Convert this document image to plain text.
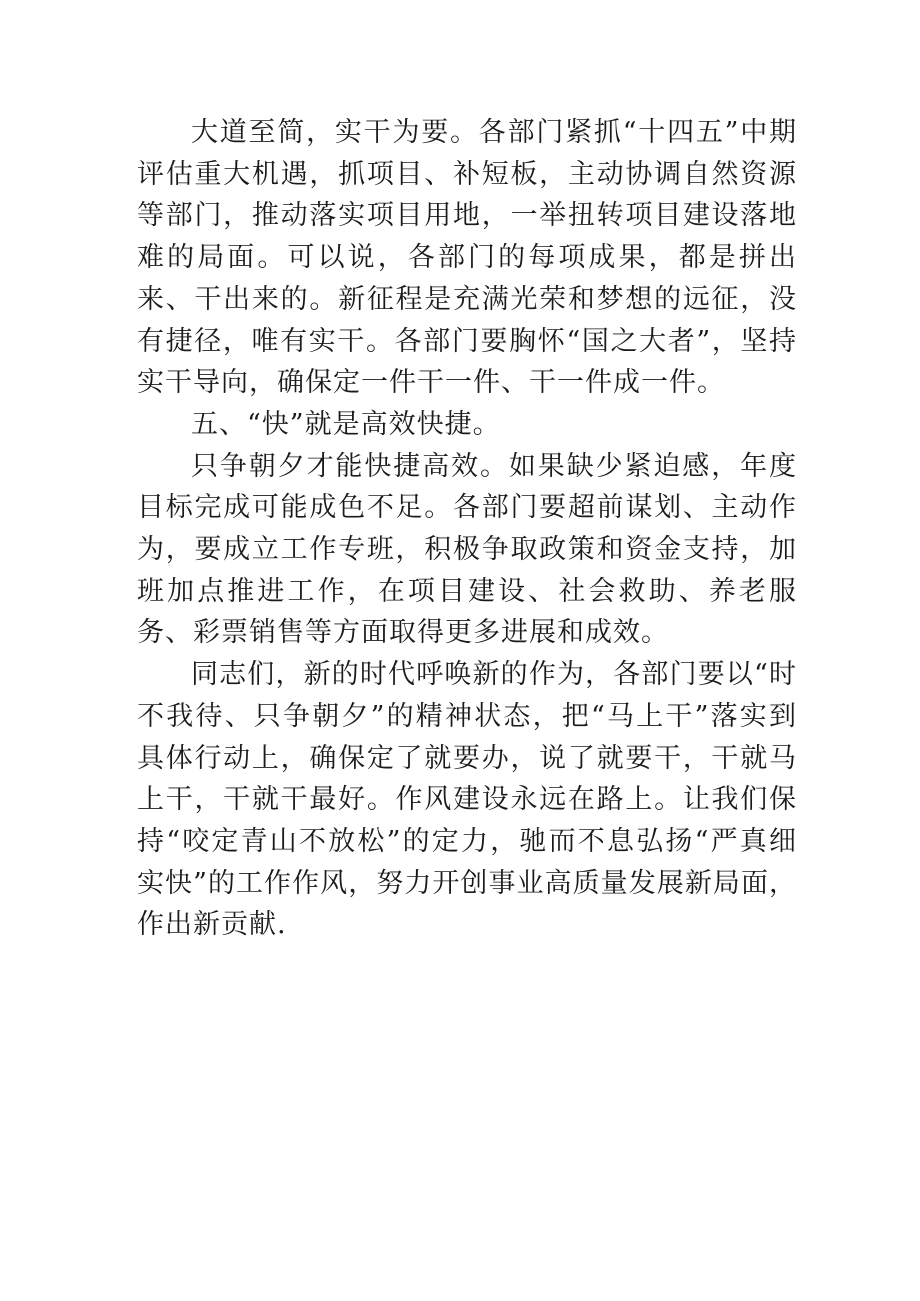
大道至简，实干为要。各部门紧抓“十四五”中期评估重大机遇，抓项目、补短板，主动协调自然资源等部门，推动落实项目用地，一举扭转项目建设落地难的局面。可以说，各部门的每项成果，都是拼出来、干出来的。新征程是充满光荣和梦想的远征，没有捷径，唯有实干。各部门要胸怀“国之大者”，坚持实干导向，确保定一件干一件、干一件成一件。

五、“快”就是高效快捷。

只争朝夕才能快捷高效。如果缺少紧迫感，年度目标完成可能成色不足。各部门要超前谋划、主动作为，要成立工作专班，积极争取政策和资金支持，加班加点推进工作，在项目建设、社会救助、养老服务、彩票销售等方面取得更多进展和成效。

同志们，新的时代呼唤新的作为，各部门要以“时不我待、只争朝夕”的精神状态，把“马上干”落实到具体行动上，确保定了就要办，说了就要干，干就马上干，干就干最好。作风建设永远在路上。让我们保持“咬定青山不放松”的定力，驰而不息弘扬“严真细实快”的工作作风，努力开创事业高质量发展新局面，作出新贡献.
